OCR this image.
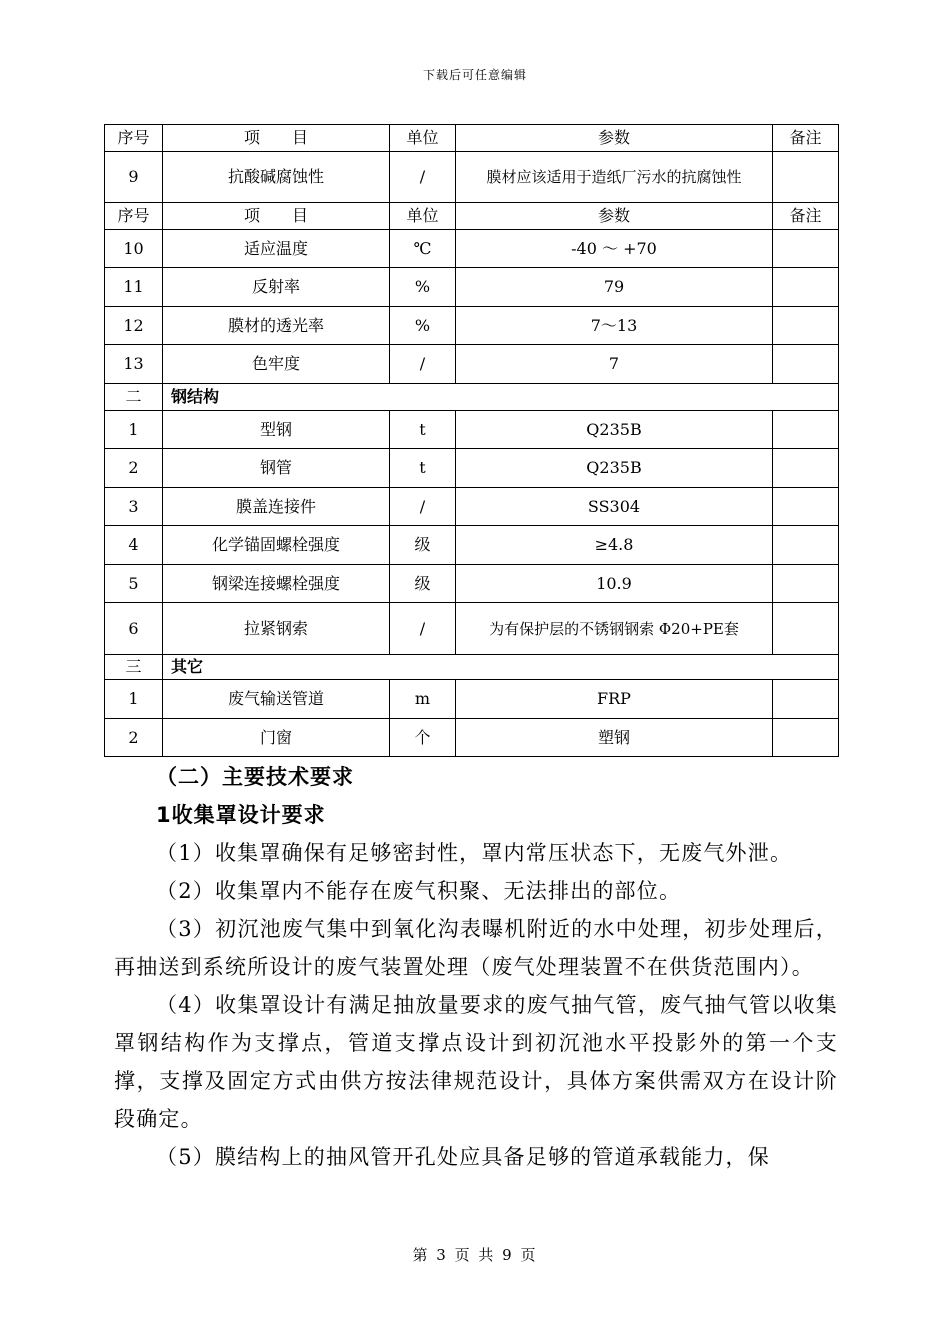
下载后可任意编辑
序号	项　　目	单位	参数	备注
9	抗酸碱腐蚀性	/	膜材应该适用于造纸厂污水的抗腐蚀性	
序号	项　　目	单位	参数	备注
10	适应温度	℃	-40 ～ +70	
11	反射率	%	79	
12	膜材的透光率	%	7～13	
13	色牢度	/	7	
二	钢结构			
1	型钢	t	Q235B	
2	钢管	t	Q235B	
3	膜盖连接件	/	SS304	
4	化学锚固螺栓强度	级	≥4.8	
5	钢梁连接螺栓强度	级	10.9	
6	拉紧钢索	/	为有保护层的不锈钢钢索 Φ20+PE套	
三	其它			
1	废气输送管道	m	FRP	
2	门窗	个	塑钢	

（二）主要技术要求

1收集罩设计要求

（1）收集罩确保有足够密封性，罩内常压状态下，无废气外泄。

（2）收集罩内不能存在废气积聚、无法排出的部位。

（3）初沉池废气集中到氧化沟表曝机附近的水中处理，初步处理后，再抽送到系统所设计的废气装置处理（废气处理装置不在供货范围内）。

（4）收集罩设计有满足抽放量要求的废气抽气管，废气抽气管以收集罩钢结构作为支撑点，管道支撑点设计到初沉池水平投影外的第一个支撑，支撑及固定方式由供方按法律规范设计，具体方案供需双方在设计阶段确定。

（5）膜结构上的抽风管开孔处应具备足够的管道承载能力，保

第 3 页 共 9 页
